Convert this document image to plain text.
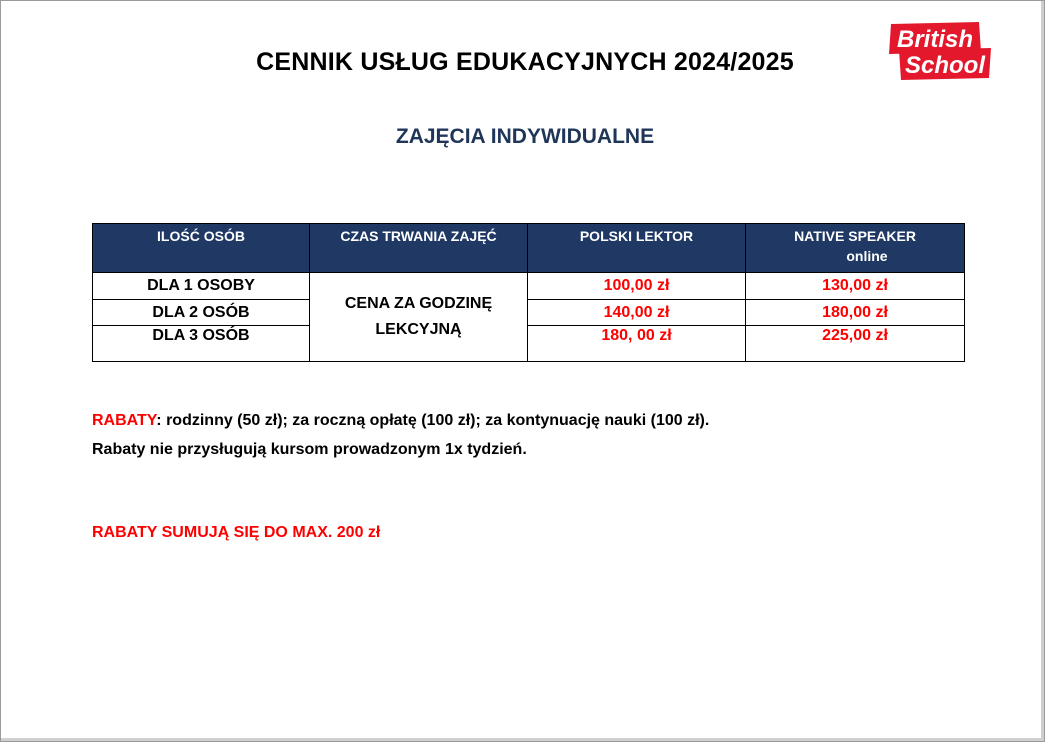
CENNIK USŁUG EDUKACYJNYCH 2024/2025
British
School
ZAJĘCIA INDYWIDUALNE
ILOŚĆ OSÓB	CZAS TRWANIA ZAJĘĆ	POLSKI LEKTOR	NATIVE SPEAKER
online
DLA 1 OSOBY	CENA ZA GODZINĘ LEKCYJNĄ	100,00 zł	130,00 zł
DLA 2 OSÓB		140,00 zł	180,00 zł
DLA 3 OSÓB		180, 00 zł	225,00 zł
RABATY: rodzinny (50 zł); za roczną opłatę (100 zł); za kontynuację nauki (100 zł).
Rabaty nie przysługują kursom prowadzonym 1x tydzień.
RABATY SUMUJĄ SIĘ DO MAX. 200 zł
